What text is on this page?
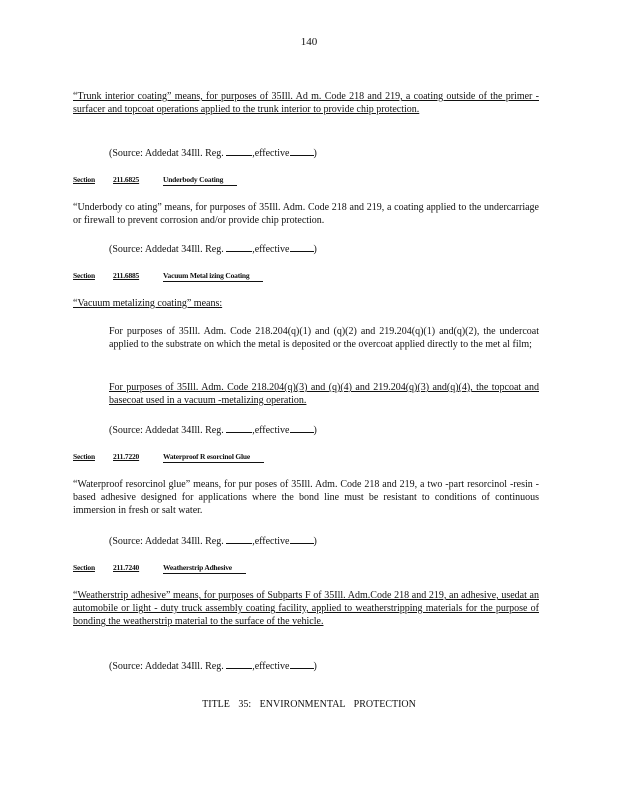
140
“Trunk interior coating” means, for purposes of 35Ill. Ad m. Code 218 and 219, a coating outside of the primer -surfacer and topcoat operations applied to the trunk interior to provide chip protection.
(Source: Addedat 34Ill. Reg.	,effective )
Section 211.6825	Underbody Coating
“Underbody co ating” means, for purposes of 35Ill. Adm. Code 218 and 219, a coating applied to the undercarriage or firewall to prevent corrosion and/or provide chip protection.
(Source: Addedat 34Ill. Reg.	,effective )
Section 211.6885	Vacuum Metal izing Coating
“Vacuum metalizing coating” means:
For purposes of 35Ill. Adm. Code 218.204(q)(1) and (q)(2) and 219.204(q)(1) and(q)(2), the undercoat applied to the substrate on which the metal is deposited or the overcoat applied directly to the met al film;
For purposes of 35Ill. Adm. Code 218.204(q)(3) and (q)(4) and 219.204(q)(3) and(q)(4), the topcoat and basecoat used in a vacuum -metalizing operation.
(Source: Addedat 34Ill. Reg.	,effective )
Section 211.7220	Waterproof R esorcinol Glue
“Waterproof resorcinol glue” means, for pur poses of 35Ill. Adm. Code 218 and 219, a two -part resorcinol -resin -based adhesive designed for applications where the bond line must be resistant to conditions of continuous immersion in fresh or salt water.
(Source: Addedat 34Ill. Reg.	,effective )
Section 211.7240	Weatherstrip Adhesive
“Weatherstrip adhesive” means, for purposes of Subparts F of 35Ill. Adm.Code 218 and 219, an adhesive, usedat an automobile or light - duty truck assembly coating facility, applied to weatherstripping materials for the purpose of bonding the weatherstrip material to the surface of the vehicle.
(Source: Addedat 34Ill. Reg.	,effective )
TITLE 35: ENVIRONMENTAL PROTECTION
